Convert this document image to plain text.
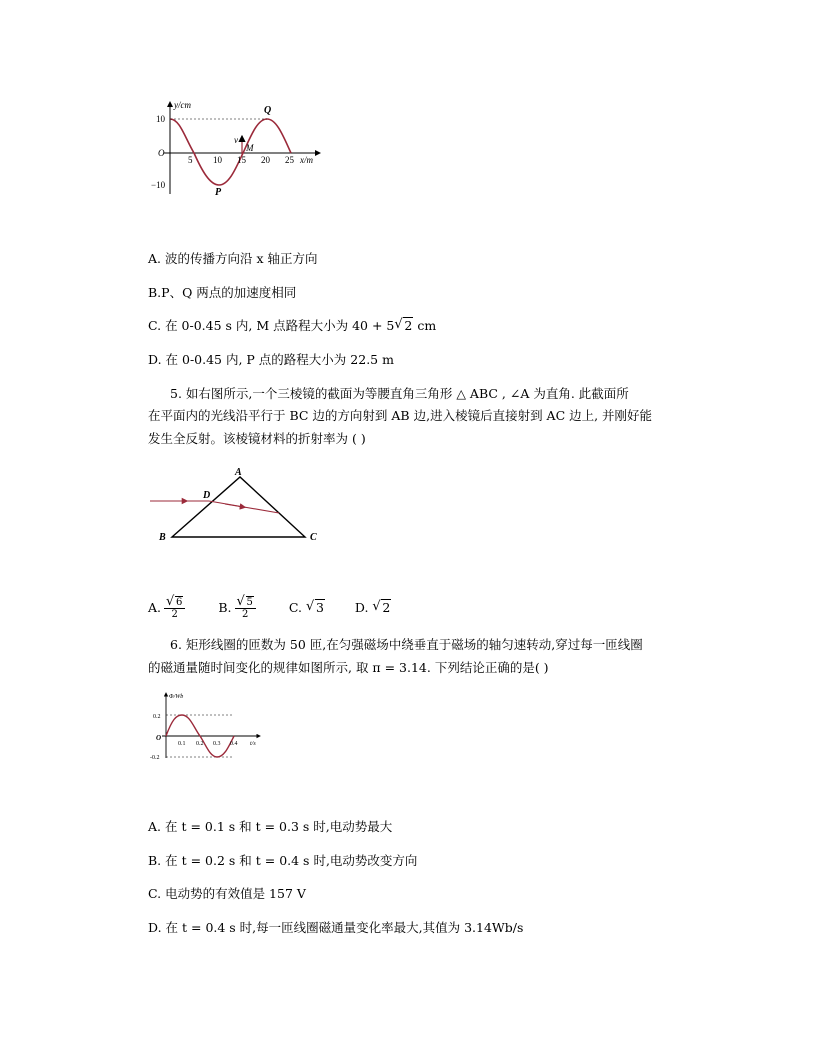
y/cm
10
O
−10
5 10 15 20 25 x/m
Q
P
M
v
A. 波的传播方向沿 x 轴正方向
B.P、Q 两点的加速度相同
C. 在 0-0.45 s 内, M 点路程大小为 40 + 5 √ 2 cm
D. 在 0-0.45 内, P 点的路程大小为 22.5 m
5. 如右图所示,一个三棱镜的截面为等腰直角三角形 △ ABC , ∠A 为直角. 此截面所
在平面内的光线沿平行于 BC 边的方向射到 AB 边,进入棱镜后直接射到 AC 边上, 并刚好能
发生全反射。该棱镜材料的折射率为 ( )
A
B	C
D
A. √ $\frac{6}{2}$	B. √ $\frac{5}{2}$	C. √ 3 D. √ 2
6. 矩形线圈的匝数为 50 匝,在匀强磁场中绕垂直于磁场的轴匀速转动,穿过每一匝线圈
的磁通量随时间变化的规律如图所示, 取 π = 3.14. 下列结论正确的是( )
Φ/Wb
0.2
O
-0.2
0.1 0.2 0.3 0.4 t/s
A. 在 t = 0.1 s 和 t = 0.3 s 时,电动势最大
B. 在 t = 0.2 s 和 t = 0.4 s 时,电动势改变方向
C. 电动势的有效值是 157 V
D. 在 t = 0.4 s 时,每一匝线圈磁通量变化率最大,其值为 3.14Wb/s
